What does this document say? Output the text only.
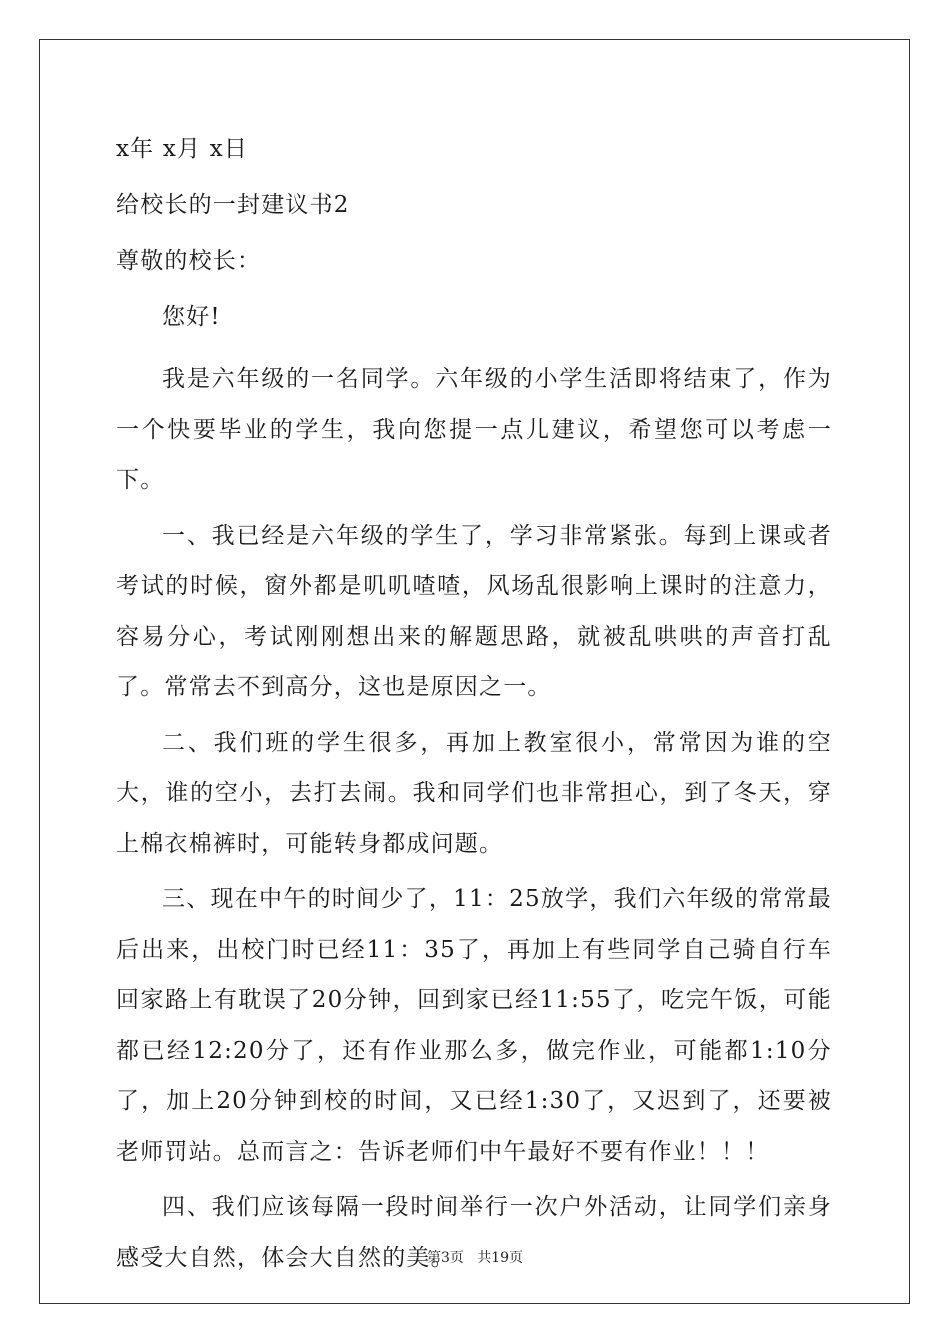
x年 x月 x日

给校长的一封建议书2

尊敬的校长：

您好!

我是六年级的一名同学。六年级的小学生活即将结束了，作为一个快要毕业的学生，我向您提一点儿建议，希望您可以考虑一下。

一、我已经是六年级的学生了，学习非常紧张。每到上课或者考试的时候，窗外都是叽叽喳喳，风场乱很影响上课时的注意力，容易分心，考试刚刚想出来的解题思路，就被乱哄哄的声音打乱了。常常去不到高分，这也是原因之一。

二、我们班的学生很多，再加上教室很小，常常因为谁的空大，谁的空小，去打去闹。我和同学们也非常担心，到了冬天，穿上棉衣棉裤时，可能转身都成问题。

三、现在中午的时间少了，11：25放学，我们六年级的常常最后出来，出校门时已经11：35了，再加上有些同学自己骑自行车回家路上有耽误了20分钟，回到家已经11:55了，吃完午饭，可能都已经12:20分了，还有作业那么多，做完作业，可能都1:10分了，加上20分钟到校的时间，又已经1:30了，又迟到了，还要被老师罚站。总而言之：告诉老师们中午最好不要有作业！！！

四、我们应该每隔一段时间举行一次户外活动，让同学们亲身感受大自然，体会大自然的美。

第3页   共19页
